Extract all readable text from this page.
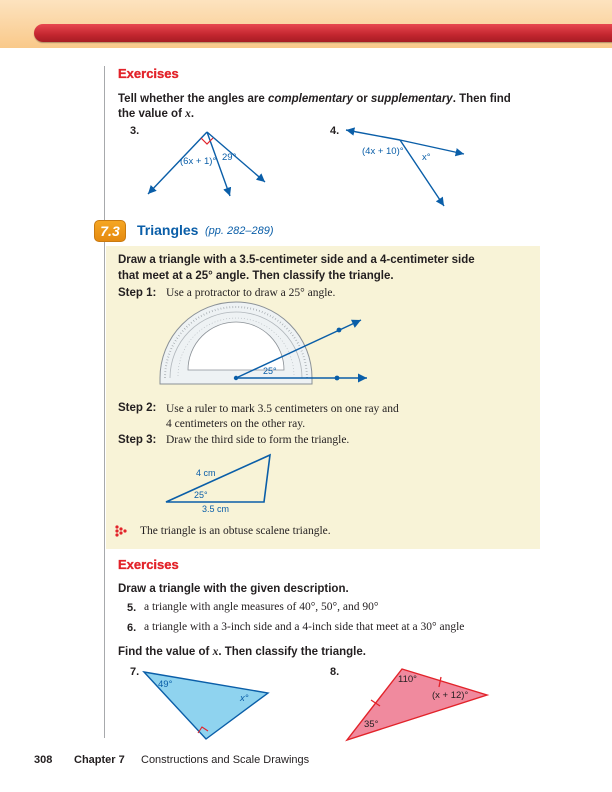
Exercises
Tell whether the angles are complementary or supplementary. Then find
the value of x.
3.
(6x + 1)° 29°
4.
(4x + 10)°
x°
7.3	Triangles (pp. 282–289)
Draw a triangle with a 3.5-centimeter side and a 4-centimeter side
that meet at a 25° angle. Then classify the triangle.
Step 1: Use a protractor to draw a 25° angle.
25°
Step 2: Use a ruler to mark 3.5 centimeters on one ray and
4 centimeters on the other ray.
Step 3: Draw the third side to form the triangle.
4 cm
25°
3.5 cm
The triangle is an obtuse scalene triangle.
Exercises
Draw a triangle with the given description.
5. a triangle with angle measures of 40°, 50°, and 90°
6. a triangle with a 3-inch side and a 4-inch side that meet at a 30° angle
Find the value of x. Then classify the triangle.
7.
49°
x°
8.
110°
(x + 12)°
35°
308 Chapter 7 Constructions and Scale Drawings
